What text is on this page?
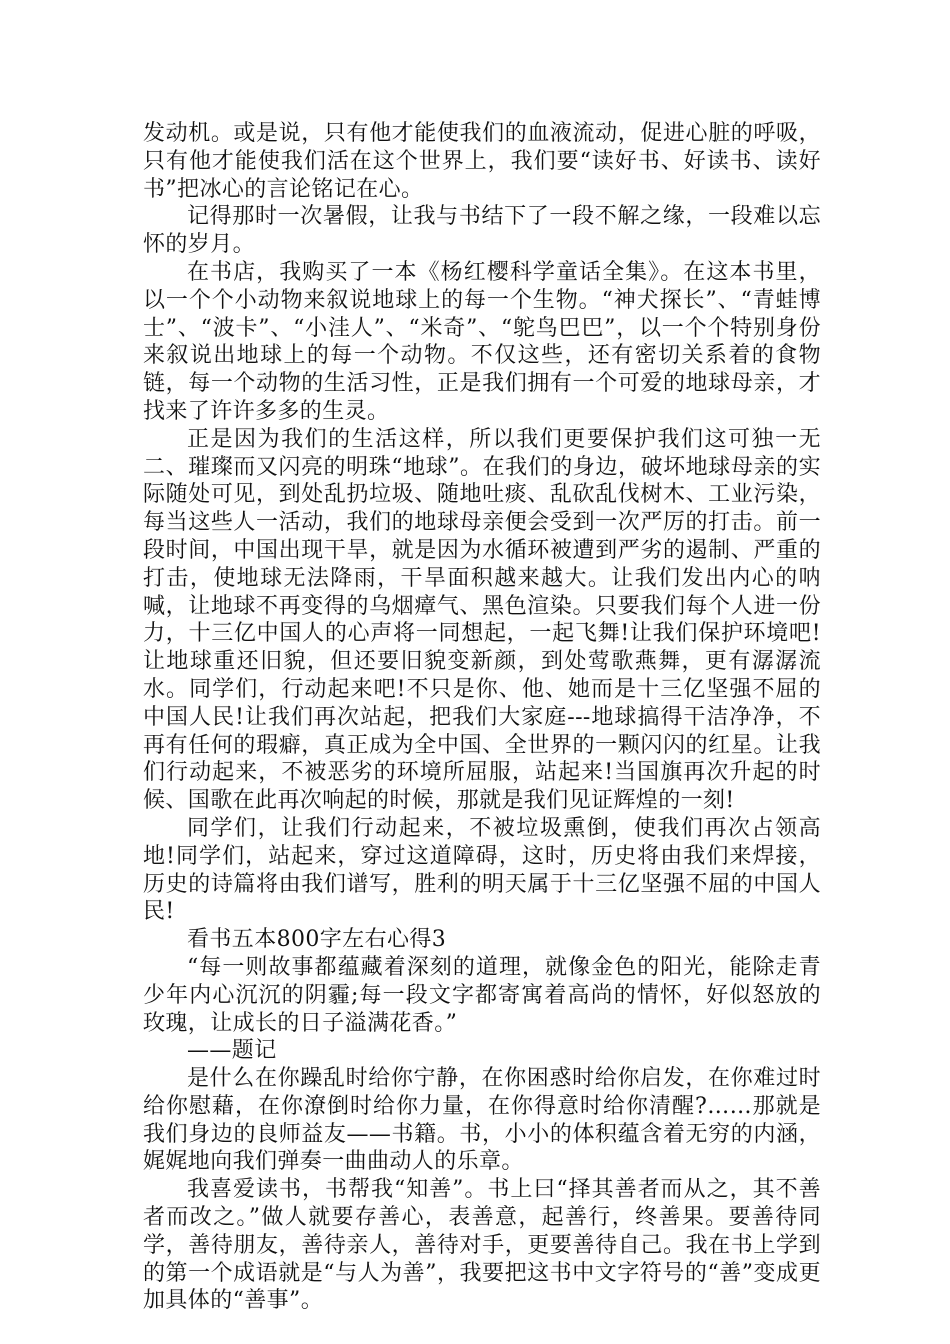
发动机。或是说，只有他才能使我们的血液流动，促进心脏的呼吸，只有他才能使我们活在这个世界上，我们要“读好书、好读书、读好书”把冰心的言论铭记在心。

记得那时一次暑假，让我与书结下了一段不解之缘，一段难以忘怀的岁月。

在书店，我购买了一本《杨红樱科学童话全集》。在这本书里，以一个个小动物来叙说地球上的每一个生物。“神犬探长”、“青蛙博士”、“波卡”、“小洼人”、“米奇”、“鸵鸟巴巴”，以一个个特别身份来叙说出地球上的每一个动物。不仅这些，还有密切关系着的食物链，每一个动物的生活习性，正是我们拥有一个可爱的地球母亲，才找来了许许多多的生灵。

正是因为我们的生活这样，所以我们更要保护我们这可独一无二、璀璨而又闪亮的明珠“地球”。在我们的身边，破坏地球母亲的实际随处可见，到处乱扔垃圾、随地吐痰、乱砍乱伐树木、工业污染，每当这些人一活动，我们的地球母亲便会受到一次严厉的打击。前一段时间，中国出现干旱，就是因为水循环被遭到严劣的遏制、严重的打击，使地球无法降雨，干旱面积越来越大。让我们发出内心的呐喊，让地球不再变得的乌烟瘴气、黑色渲染。只要我们每个人进一份力，十三亿中国人的心声将一同想起，一起飞舞!让我们保护环境吧!让地球重还旧貌，但还要旧貌变新颜，到处莺歌燕舞，更有潺潺流水。同学们，行动起来吧!不只是你、他、她而是十三亿坚强不屈的中国人民!让我们再次站起，把我们大家庭---地球搞得干洁净净，不再有任何的瑕癖，真正成为全中国、全世界的一颗闪闪的红星。让我们行动起来，不被恶劣的环境所屈服，站起来!当国旗再次升起的时候、国歌在此再次响起的时候，那就是我们见证辉煌的一刻!

同学们，让我们行动起来，不被垃圾熏倒，使我们再次占领高地!同学们，站起来，穿过这道障碍，这时，历史将由我们来焊接，历史的诗篇将由我们谱写，胜利的明天属于十三亿坚强不屈的中国人民!

看书五本800字左右心得3

“每一则故事都蕴藏着深刻的道理，就像金色的阳光，能除走青少年内心沉沉的阴霾;每一段文字都寄寓着高尚的情怀，好似怒放的玫瑰，让成长的日子溢满花香。”

——题记

是什么在你躁乱时给你宁静，在你困惑时给你启发，在你难过时给你慰藉，在你潦倒时给你力量，在你得意时给你清醒?……那就是我们身边的良师益友——书籍。书，小小的体积蕴含着无穷的内涵，娓娓地向我们弹奏一曲曲动人的乐章。

我喜爱读书，书帮我“知善”。书上曰“择其善者而从之，其不善者而改之。”做人就要存善心，表善意，起善行，终善果。要善待同学，善待朋友，善待亲人，善待对手，更要善待自己。我在书上学到的第一个成语就是“与人为善”，我要把这书中文字符号的“善”变成更加具体的“善事”。
